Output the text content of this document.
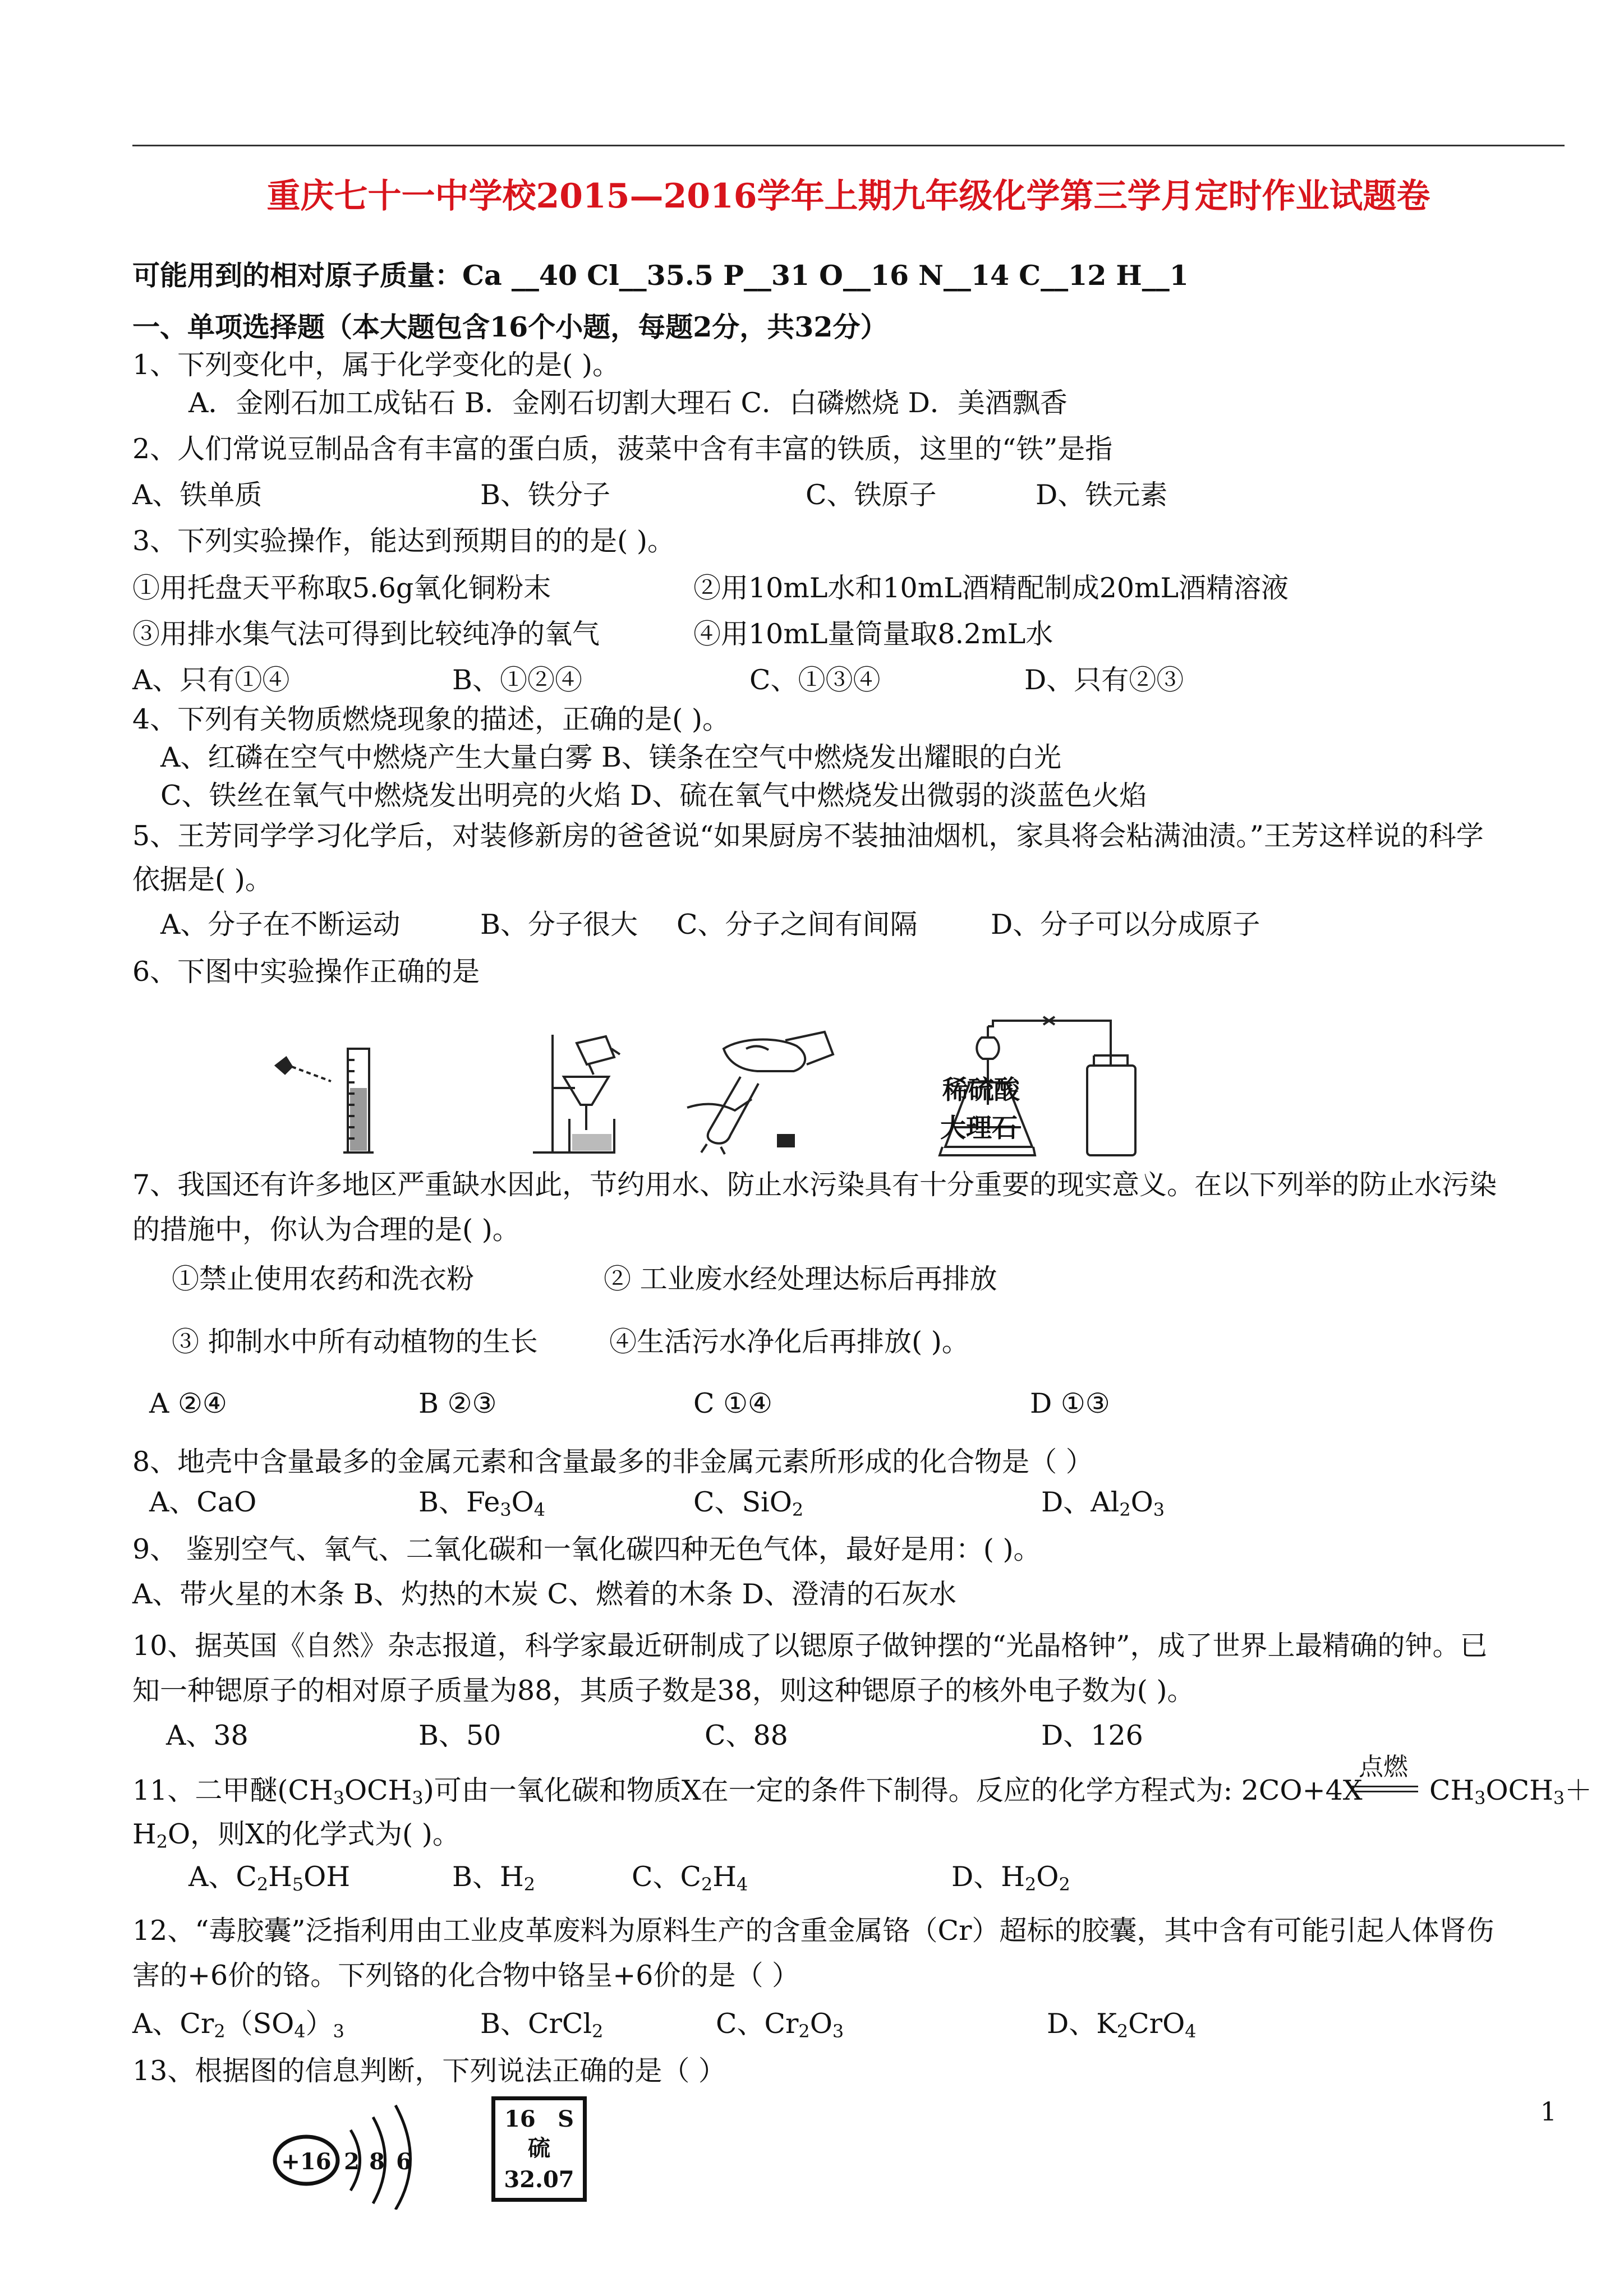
重庆七十一中学校2015—2016学年上期九年级化学第三学月定时作业试题卷
可能用到的相对原子质量：Ca __40 Cl__35.5 P__31 O__16 N__14 C__12 H__1
一、单项选择题（本大题包含16个小题，每题2分，共32分）
1、下列变化中，属于化学变化的是( )。
A．金刚石加工成钻石 B．金刚石切割大理石 C．白磷燃烧 D．美酒飘香
2、人们常说豆制品含有丰富的蛋白质，菠菜中含有丰富的铁质，这里的“铁”是指
A、铁单质	B、铁分子	C、铁原子	D、铁元素
3、下列实验操作，能达到预期目的的是( )。
①用托盘天平称取5.6g氧化铜粉末	②用10mL水和10mL酒精配制成20mL酒精溶液
③用排水集气法可得到比较纯净的氧气	④用10mL量筒量取8.2mL水
A、只有①④	B、①②④	C、①③④	D、只有②③
4、下列有关物质燃烧现象的描述，正确的是( )。
A、红磷在空气中燃烧产生大量白雾 B、镁条在空气中燃烧发出耀眼的白光
C、铁丝在氧气中燃烧发出明亮的火焰 D、硫在氧气中燃烧发出微弱的淡蓝色火焰
5、王芳同学学习化学后，对装修新房的爸爸说“如果厨房不装抽油烟机，家具将会粘满油渍。”王芳这样说的科学
依据是( )。
A、分子在不断运动	B、分子很大 C、分子之间有间隔	D、分子可以分成原子
6、下图中实验操作正确的是
稀硫酸
大理石
7、我国还有许多地区严重缺水因此，节约用水、防止水污染具有十分重要的现实意义。在以下列举的防止水污染
的措施中，你认为合理的是( )。
①禁止使用农药和洗衣粉	② 工业废水经处理达标后再排放
③ 抑制水中所有动植物的生长	④生活污水净化后再排放( )。
A ②④	B ②③	C ①④	D ①③
8、地壳中含量最多的金属元素和含量最多的非金属元素所形成的化合物是（ ）
A、CaO	B、$Fe_3O_4$	C、SiO$_2$	D、$Al_2O_3$
9、 鉴别空气、氧气、二氧化碳和一氧化碳四种无色气体，最好是用：( )。
A、带火星的木条 B、灼热的木炭 C、燃着的木条 D、澄清的石灰水
10、据英国《自然》杂志报道，科学家最近研制成了以锶原子做钟摆的“光晶格钟”，成了世界上最精确的钟。已
知一种锶原子的相对原子质量为88，其质子数是38，则这种锶原子的核外电子数为( )。
A、38	B、50	C、88	D、126
11、二甲醚$(CH_3OCH_3)$可由一氧化碳和物质X在一定的条件下制得。反应的化学方程式为: 2CO+4X
点燃
$CH_3OCH_3+$
$H_2O$，则X的化学式为( )。
A、$C_2H_5OH$	B、$H_2$	C、$C_2H_4$	D、$H_2O_2$
12、“毒胶囊”泛指利用由工业皮革废料为原料生产的含重金属铬（Cr）超标的胶囊，其中含有可能引起人体肾伤
害的+6价的铬。下列铬的化合物中铬呈+6价的是（ ）
A、$Cr_2(SO_4)_3$	B、CrCl$_2$	C、$Cr_2O_3$	D、$K_2CrO_4$
13、根据图的信息判断，下列说法正确的是（ ）
+16 2 8 6
16 S
硫
32.07
1
